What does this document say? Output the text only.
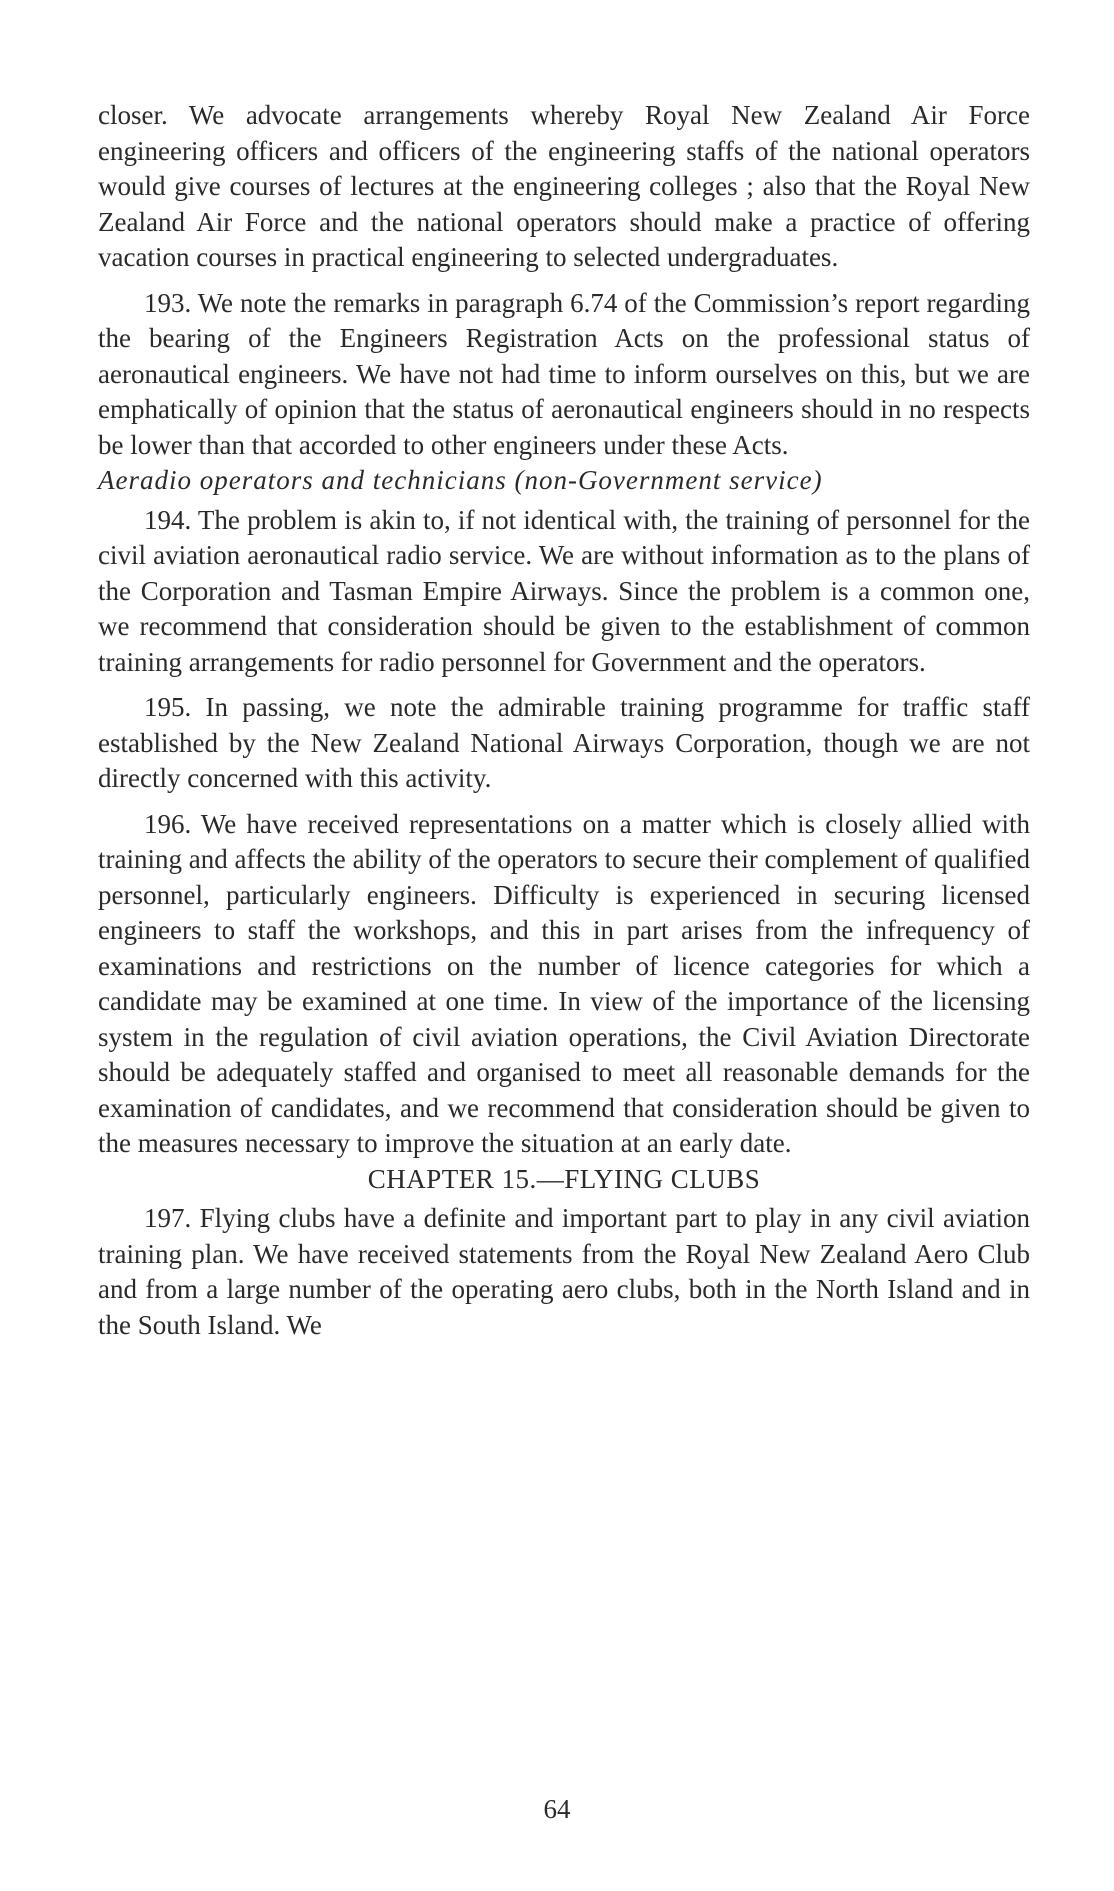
closer. We advocate arrangements whereby Royal New Zealand Air Force engineering officers and officers of the engineering staffs of the national operators would give courses of lectures at the engineering colleges ; also that the Royal New Zealand Air Force and the national operators should make a practice of offering vacation courses in practical engineering to selected undergraduates.

193. We note the remarks in paragraph 6.74 of the Commission’s report regarding the bearing of the Engineers Registration Acts on the professional status of aeronautical engineers. We have not had time to inform ourselves on this, but we are emphatically of opinion that the status of aeronautical engineers should in no respects be lower than that accorded to other engineers under these Acts.

Aeradio operators and technicians (non-Government service)

194. The problem is akin to, if not identical with, the training of personnel for the civil aviation aeronautical radio service. We are without information as to the plans of the Corporation and Tasman Empire Airways. Since the problem is a common one, we recommend that consideration should be given to the establishment of common training arrangements for radio personnel for Government and the operators.

195. In passing, we note the admirable training programme for traffic staff established by the New Zealand National Airways Corporation, though we are not directly concerned with this activity.

196. We have received representations on a matter which is closely allied with training and affects the ability of the operators to secure their complement of qualified personnel, particularly engineers. Difficulty is experienced in securing licensed engineers to staff the workshops, and this in part arises from the infrequency of examinations and restrictions on the number of licence categories for which a candidate may be examined at one time. In view of the importance of the licensing system in the regulation of civil aviation operations, the Civil Aviation Directorate should be adequately staffed and organised to meet all reasonable demands for the examination of candidates, and we recommend that consideration should be given to the measures necessary to improve the situation at an early date.

CHAPTER 15.—FLYING CLUBS

197. Flying clubs have a definite and important part to play in any civil aviation training plan. We have received statements from the Royal New Zealand Aero Club and from a large number of the operating aero clubs, both in the North Island and in the South Island. We

64
